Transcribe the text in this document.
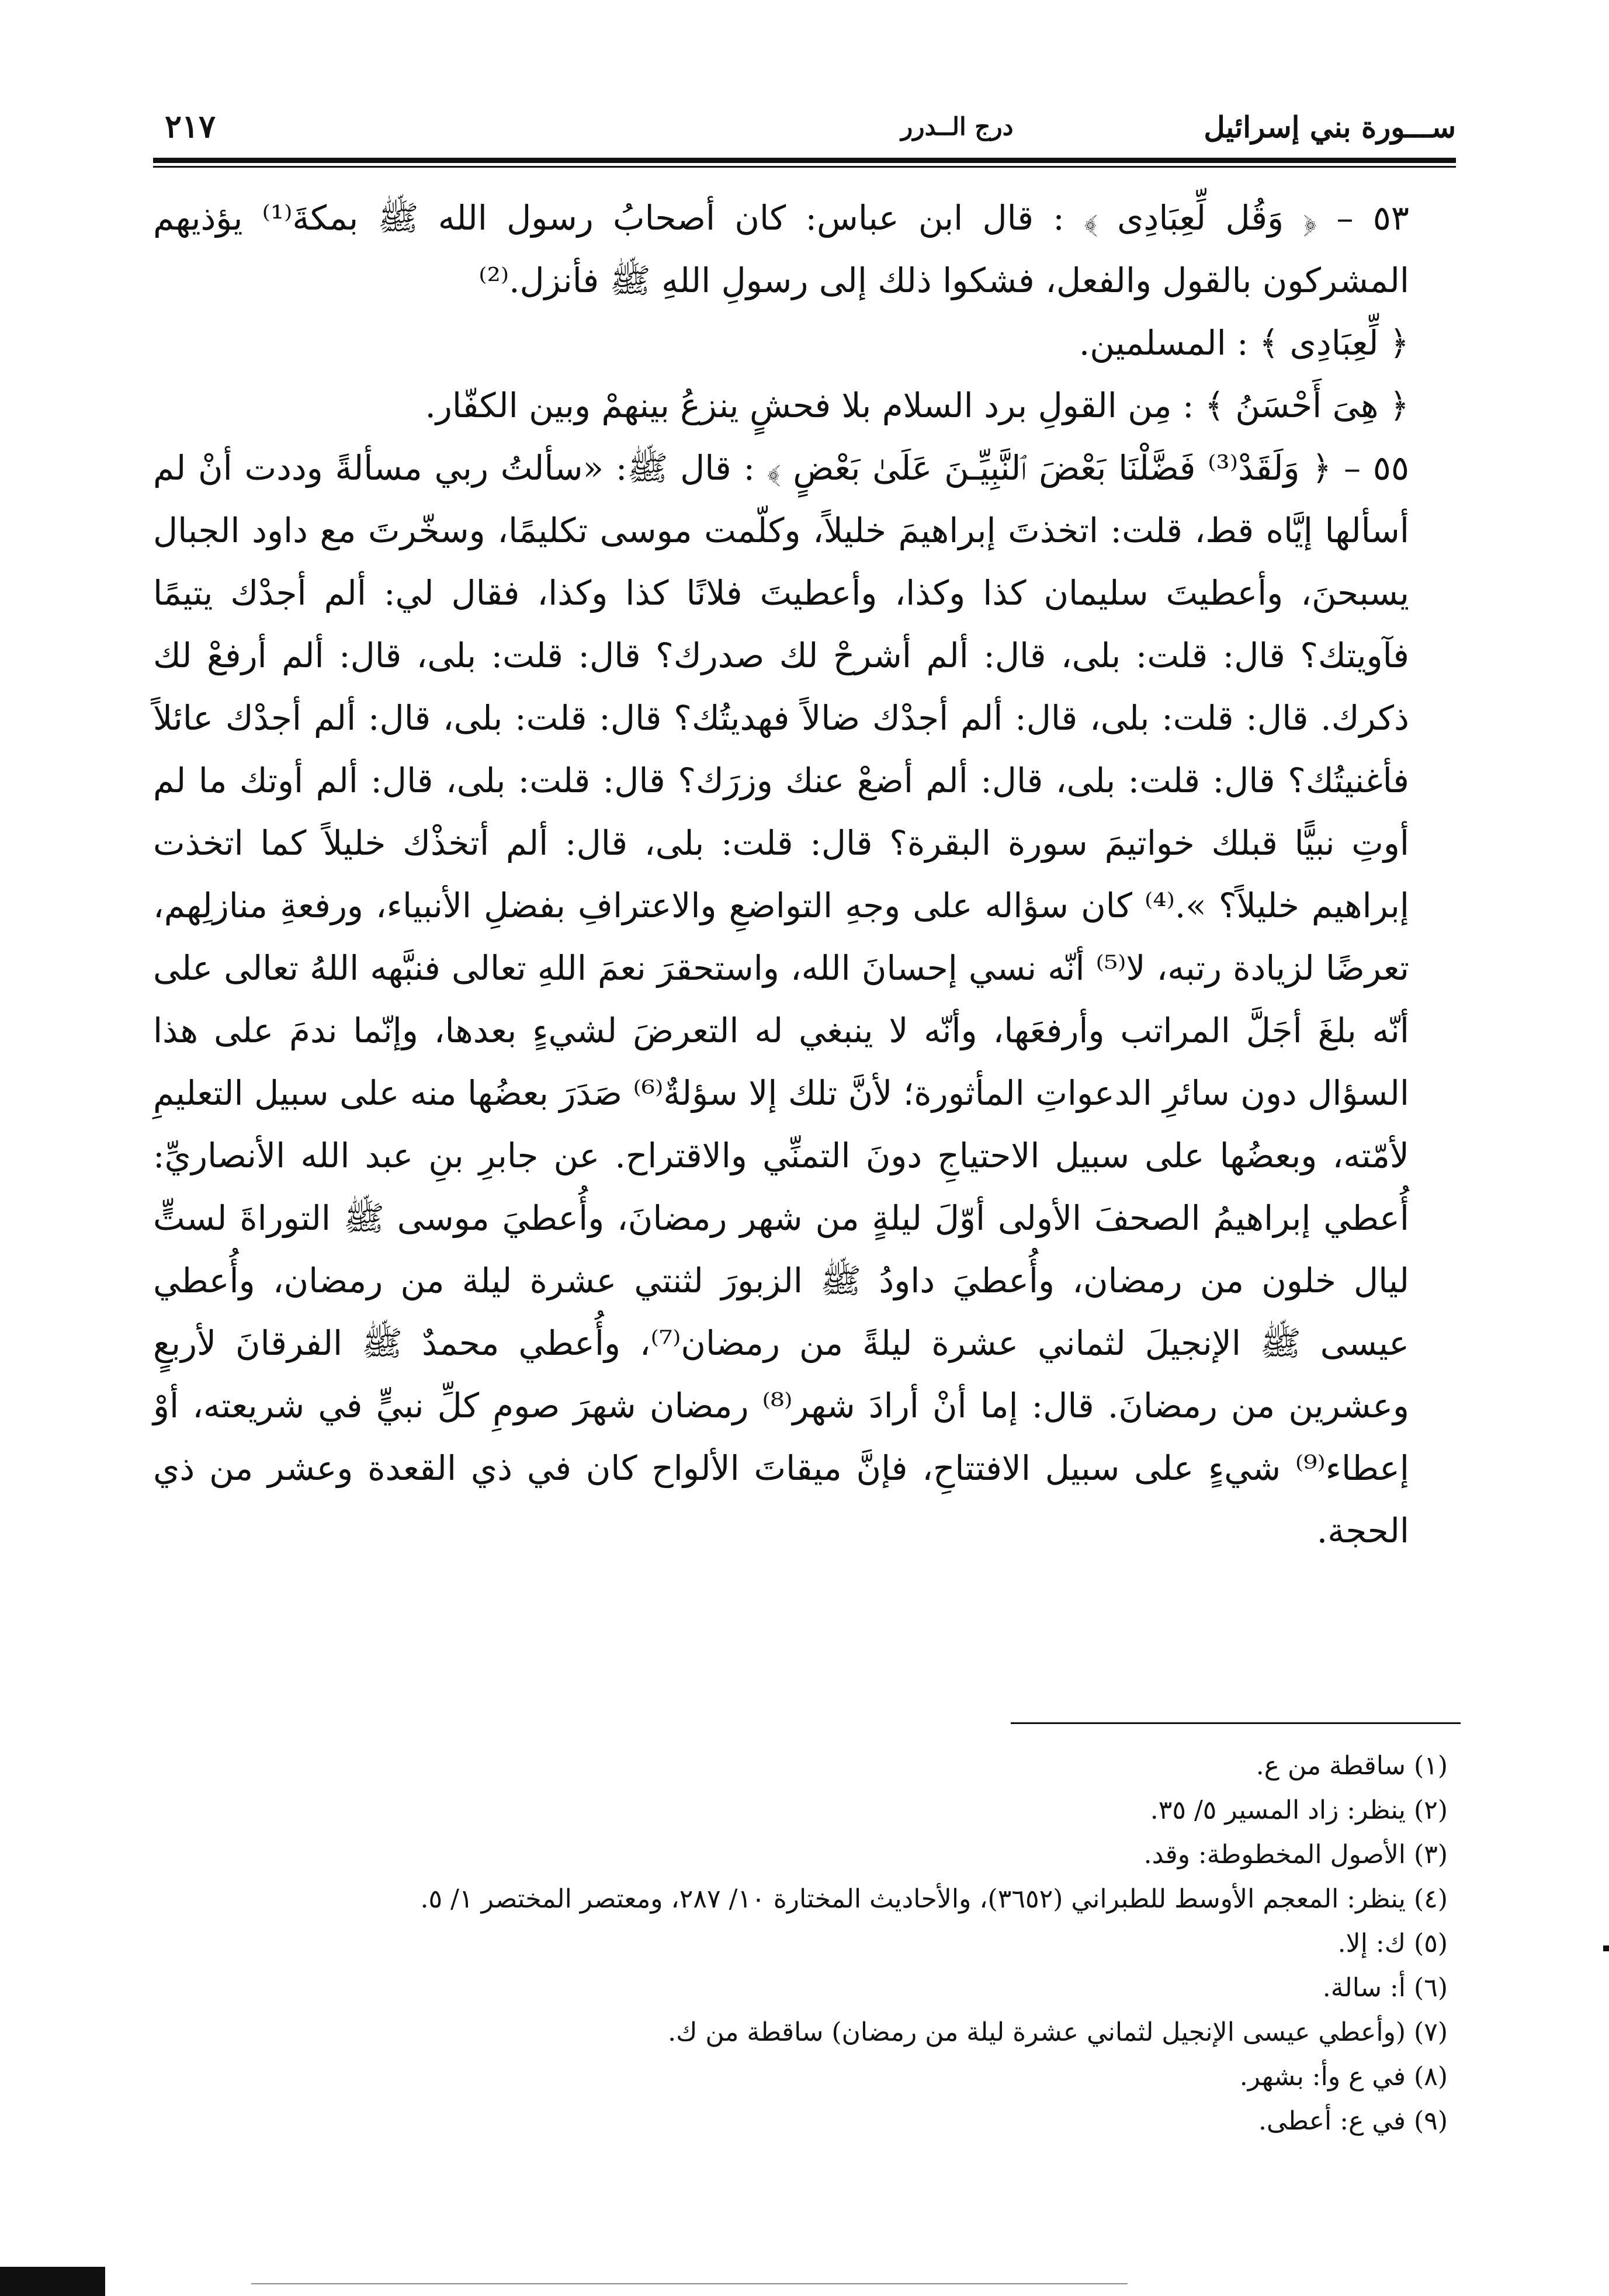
ســـورة بني إسرائيل
درج الــدرر
٢١٧

٥٣ – ﴿ وَقُل لِّعِبَادِى ﴾ : قال ابن عباس: كان أصحابُ رسول الله ﷺ بمكةَ⁽¹⁾ يؤذيهم المشركون بالقول والفعل، فشكوا ذلك إلى رسولِ اللهِ ﷺ فأنزل.⁽²⁾

﴿ لِّعِبَادِى ﴾ : المسلمين.

﴿ هِىَ أَحْسَنُ ﴾ : مِن القولِ برد السلام بلا فحشٍ ينزعُ بينهمْ وبين الكفّار.

٥٥ – ﴿ وَلَقَدْ⁽³⁾ فَضَّلْنَا بَعْضَ ٱلنَّبِيِّـنَ عَلَىٰ بَعْضٍ ﴾ : قال ﷺ: «سألتُ ربي مسألةً وددت أنْ لم أسألها إيَّاه قط، قلت: اتخذتَ إبراهيمَ خليلاً، وكلّمت موسى تكليمًا، وسخّرتَ مع داود الجبال يسبحنَ، وأعطيتَ سليمان كذا وكذا، وأعطيتَ فلانًا كذا وكذا، فقال لي: ألم أجدْك يتيمًا فآويتك؟ قال: قلت: بلى، قال: ألم أشرحْ لك صدرك؟ قال: قلت: بلى، قال: ألم أرفعْ لك ذكرك. قال: قلت: بلى، قال: ألم أجدْك ضالاً فهديتُك؟ قال: قلت: بلى، قال: ألم أجدْك عائلاً فأغنيتُك؟ قال: قلت: بلى، قال: ألم أضعْ عنك وزرَك؟ قال: قلت: بلى، قال: ألم أوتك ما لم أوتِ نبيًّا قبلك خواتيمَ سورة البقرة؟ قال: قلت: بلى، قال: ألم أتخذْك خليلاً كما اتخذت إبراهيم خليلاً؟ ».⁽⁴⁾ كان سؤاله على وجهِ التواضعِ والاعترافِ بفضلِ الأنبياء، ورفعةِ منازلِهم، تعرضًا لزيادة رتبه، لا⁽⁵⁾ أنّه نسي إحسانَ الله، واستحقرَ نعمَ اللهِ تعالى فنبَّهه اللهُ تعالى على أنّه بلغَ أجَلَّ المراتب وأرفعَها، وأنّه لا ينبغي له التعرضَ لشيءٍ بعدها، وإنّما ندمَ على هذا السؤال دون سائرِ الدعواتِ المأثورة؛ لأنَّ تلك إلا سؤلةٌ⁽⁶⁾ صَدَرَ بعضُها منه على سبيل التعليمِ لأمّته، وبعضُها على سبيل الاحتياجِ دونَ التمنِّي والاقتراح. عن جابرِ بنِ عبد الله الأنصاريِّ: أُعطي إبراهيمُ الصحفَ الأولى أوّلَ ليلةٍ من شهر رمضانَ، وأُعطيَ موسى ﷺ التوراةَ لستٍّ ليال خلون من رمضان، وأُعطيَ داودُ ﷺ الزبورَ لثنتي عشرة ليلة من رمضان، وأُعطي عيسى ﷺ الإنجيلَ لثماني عشرة ليلةً من رمضان⁽⁷⁾، وأُعطي محمدٌ ﷺ الفرقانَ لأربعٍ وعشرين من رمضانَ. قال: إما أنْ أرادَ شهر⁽⁸⁾ رمضان شهرَ صومِ كلِّ نبيٍّ في شريعته، أوْ إعطاء⁽⁹⁾ شيءٍ على سبيل الافتتاحِ، فإنَّ ميقاتَ الألواح كان في ذي القعدة وعشر من ذي الحجة.

(١) ساقطة من ع.

(٢) ينظر: زاد المسير ٥/ ٣٥.

(٣) الأصول المخطوطة: وقد.

(٤) ينظر: المعجم الأوسط للطبراني (٣٦٥٢)، والأحاديث المختارة ١٠/ ٢٨٧، ومعتصر المختصر ١/ ٥.

(٥) ك: إلا.

(٦) أ: سالة.

(٧) (وأعطي عيسى الإنجيل لثماني عشرة ليلة من رمضان) ساقطة من ك.

(٨) في ع وأ: بشهر.

(٩) في ع: أعطى.
